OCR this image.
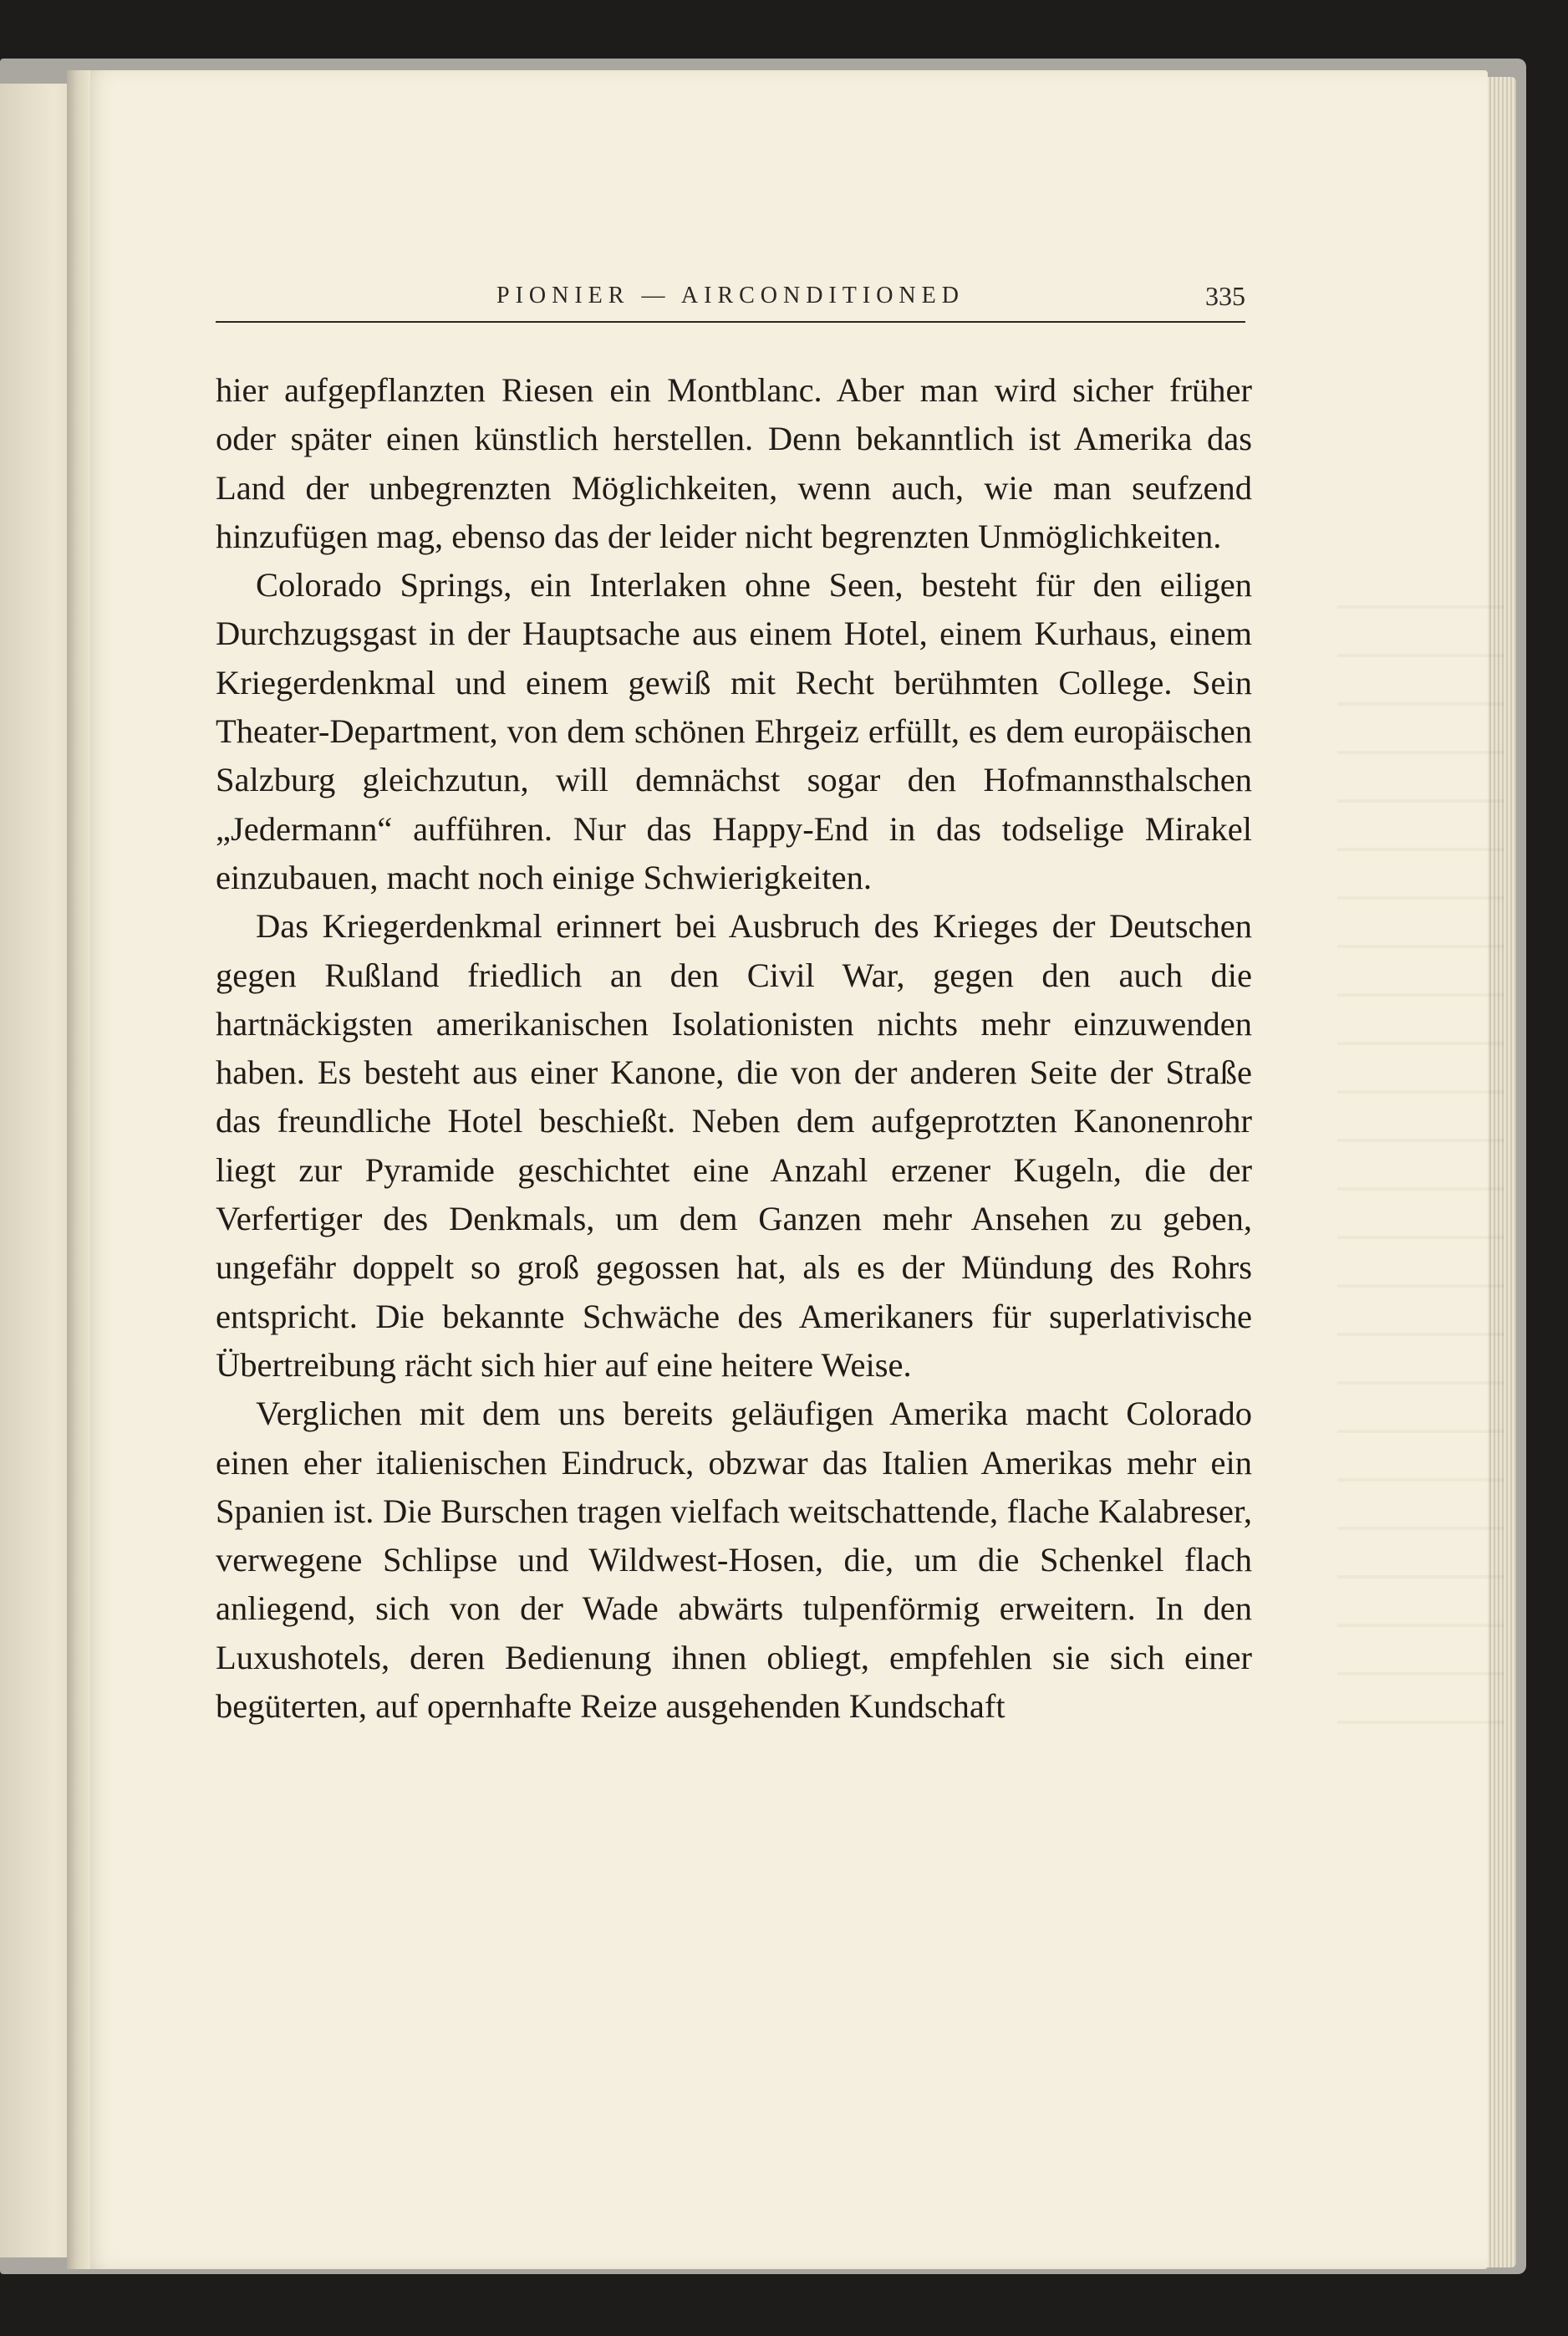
PIONIER — AIRCONDITIONED	335

hier aufgepflanzten Riesen ein Montblanc. Aber man wird sicher früher oder später einen künstlich herstellen. Denn bekanntlich ist Amerika das Land der unbegrenzten Möglichkeiten, wenn auch, wie man seufzend hinzufügen mag, ebenso das der leider nicht begrenzten Unmöglichkeiten.

Colorado Springs, ein Interlaken ohne Seen, besteht für den eiligen Durchzugsgast in der Hauptsache aus einem Hotel, einem Kurhaus, einem Kriegerdenkmal und einem gewiß mit Recht berühmten College. Sein Theater-Department, von dem schönen Ehrgeiz erfüllt, es dem europäischen Salzburg gleichzutun, will demnächst sogar den Hofmannsthalschen „Jedermann“ aufführen. Nur das Happy-End in das todselige Mirakel einzubauen, macht noch einige Schwierigkeiten.

Das Kriegerdenkmal erinnert bei Ausbruch des Krieges der Deutschen gegen Rußland friedlich an den Civil War, gegen den auch die hartnäckigsten amerikanischen Isolationisten nichts mehr einzuwenden haben. Es besteht aus einer Kanone, die von der anderen Seite der Straße das freundliche Hotel beschießt. Neben dem aufgeprotzten Kanonenrohr liegt zur Pyramide geschichtet eine Anzahl erzener Kugeln, die der Verfertiger des Denkmals, um dem Ganzen mehr Ansehen zu geben, ungefähr doppelt so groß gegossen hat, als es der Mündung des Rohrs entspricht. Die bekannte Schwäche des Amerikaners für superlativische Übertreibung rächt sich hier auf eine heitere Weise.

Verglichen mit dem uns bereits geläufigen Amerika macht Colorado einen eher italienischen Eindruck, obzwar das Italien Amerikas mehr ein Spanien ist. Die Burschen tragen vielfach weitschattende, flache Kalabreser, verwegene Schlipse und Wildwest-Hosen, die, um die Schenkel flach anliegend, sich von der Wade abwärts tulpenförmig erweitern. In den Luxushotels, deren Bedienung ihnen obliegt, empfehlen sie sich einer begüterten, auf opernhafte Reize ausgehenden Kundschaft
